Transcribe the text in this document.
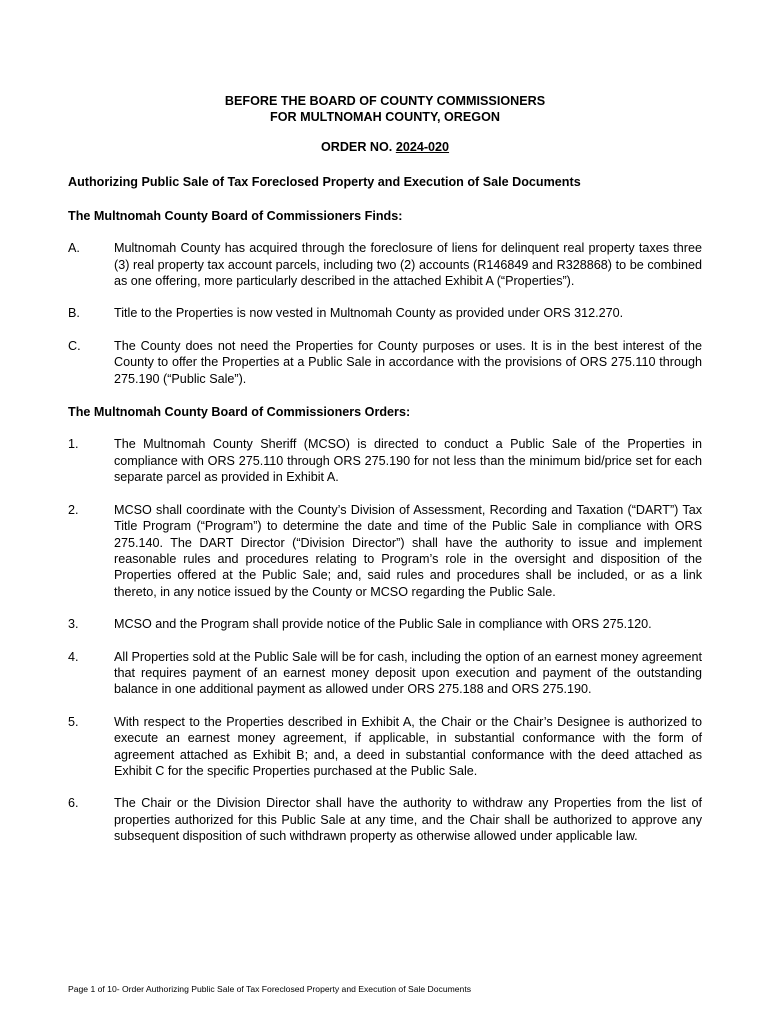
BEFORE THE BOARD OF COUNTY COMMISSIONERS
FOR MULTNOMAH COUNTY, OREGON
ORDER NO. 2024-020
Authorizing Public Sale of Tax Foreclosed Property and Execution of Sale Documents
The Multnomah County Board of Commissioners Finds:
A.	Multnomah County has acquired through the foreclosure of liens for delinquent real property taxes three (3) real property tax account parcels, including two (2) accounts (R146849 and R328868) to be combined as one offering, more particularly described in the attached Exhibit A (“Properties”).
B.	Title to the Properties is now vested in Multnomah County as provided under ORS 312.270.
C.	The County does not need the Properties for County purposes or uses. It is in the best interest of the County to offer the Properties at a Public Sale in accordance with the provisions of ORS 275.110 through 275.190 (“Public Sale”).
The Multnomah County Board of Commissioners Orders:
1.	The Multnomah County Sheriff (MCSO) is directed to conduct a Public Sale of the Properties in compliance with ORS 275.110 through ORS 275.190 for not less than the minimum bid/price set for each separate parcel as provided in Exhibit A.
2.	MCSO shall coordinate with the County’s Division of Assessment, Recording and Taxation (“DART”) Tax Title Program (“Program”) to determine the date and time of the Public Sale in compliance with ORS 275.140. The DART Director (“Division Director”) shall have the authority to issue and implement reasonable rules and procedures relating to Program’s role in the oversight and disposition of the Properties offered at the Public Sale; and, said rules and procedures shall be included, or as a link thereto, in any notice issued by the County or MCSO regarding the Public Sale.
3.	MCSO and the Program shall provide notice of the Public Sale in compliance with ORS 275.120.
4.	All Properties sold at the Public Sale will be for cash, including the option of an earnest money agreement that requires payment of an earnest money deposit upon execution and payment of the outstanding balance in one additional payment as allowed under ORS 275.188 and ORS 275.190.
5.	With respect to the Properties described in Exhibit A, the Chair or the Chair’s Designee is authorized to execute an earnest money agreement, if applicable, in substantial conformance with the form of agreement attached as Exhibit B; and, a deed in substantial conformance with the deed attached as Exhibit C for the specific Properties purchased at the Public Sale.
6.	The Chair or the Division Director shall have the authority to withdraw any Properties from the list of properties authorized for this Public Sale at any time, and the Chair shall be authorized to approve any subsequent disposition of such withdrawn property as otherwise allowed under applicable law.
Page 1 of 10- Order Authorizing Public Sale of Tax Foreclosed Property and Execution of Sale Documents
